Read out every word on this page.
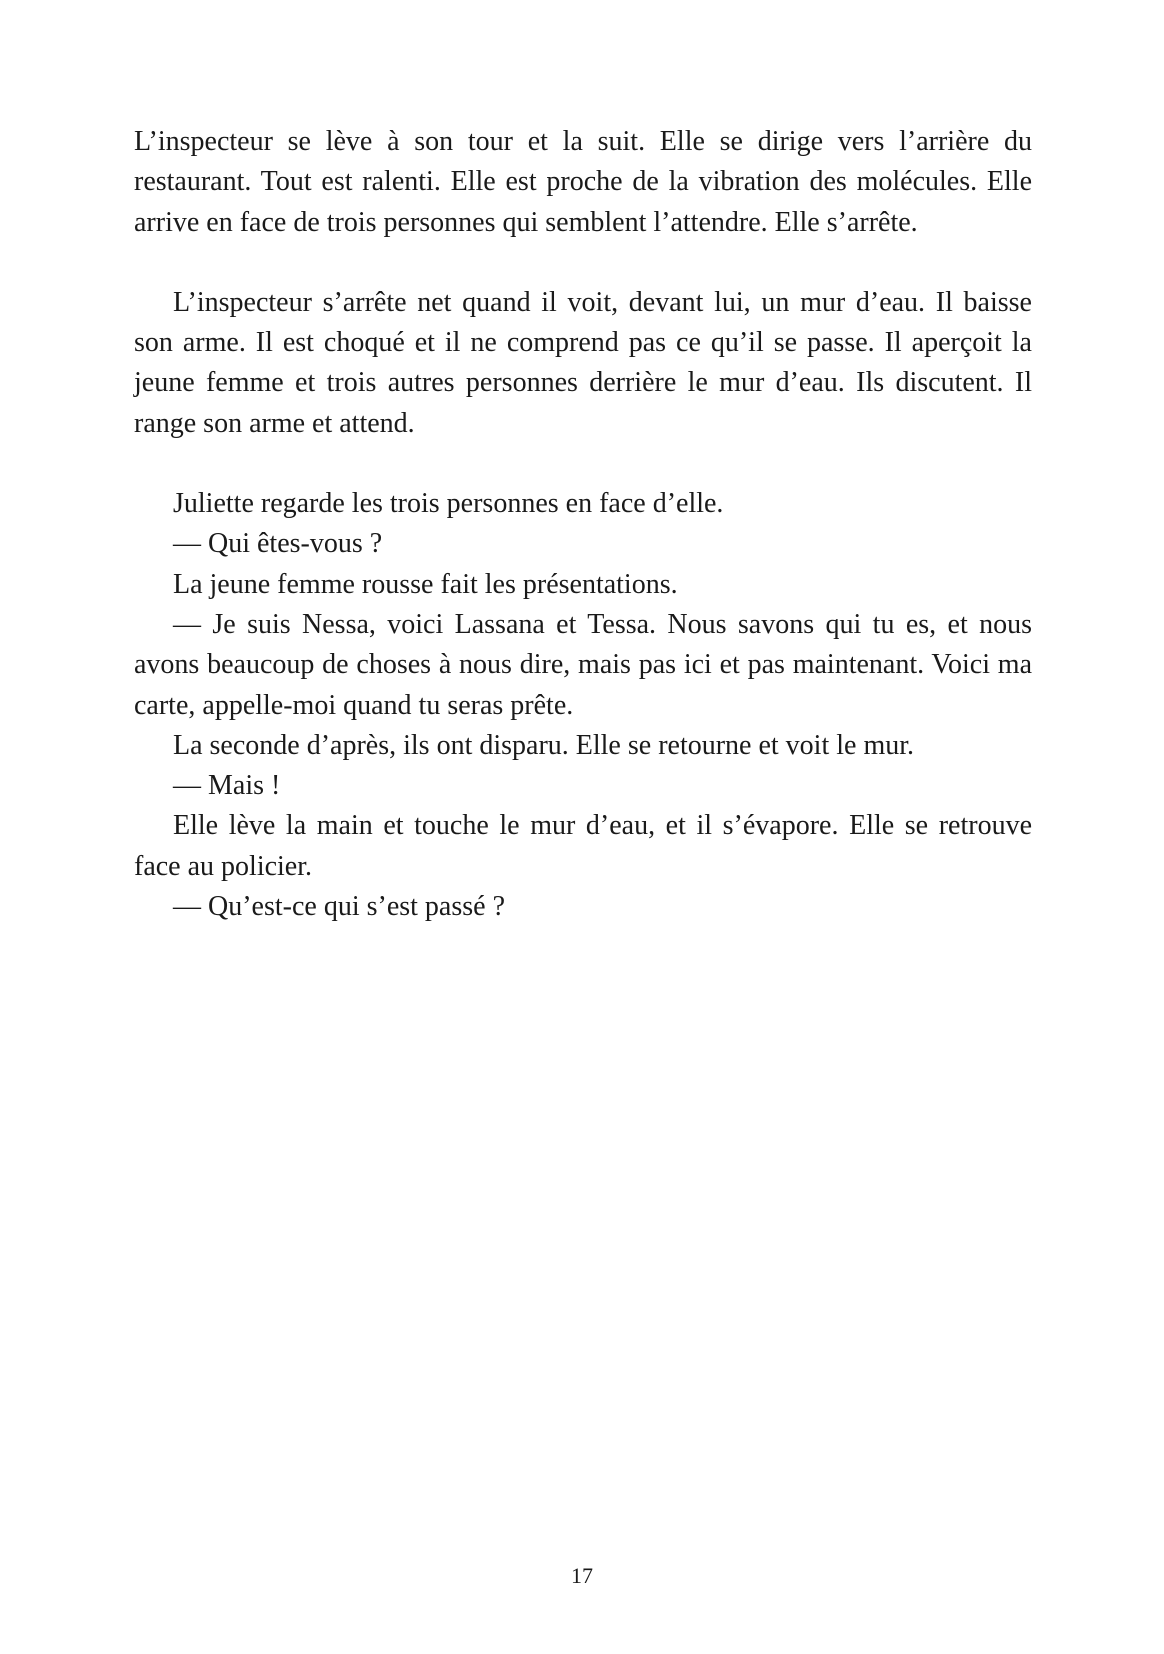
L’inspecteur se lève à son tour et la suit. Elle se dirige vers l’arrière du restaurant. Tout est ralenti. Elle est proche de la vibration des molécules. Elle arrive en face de trois personnes qui semblent l’attendre. Elle s’arrête.

L’inspecteur s’arrête net quand il voit, devant lui, un mur d’eau. Il baisse son arme. Il est choqué et il ne comprend pas ce qu’il se passe. Il aperçoit la jeune femme et trois autres personnes derrière le mur d’eau. Ils discutent. Il range son arme et attend.

Juliette regarde les trois personnes en face d’elle.

— Qui êtes-vous ?

La jeune femme rousse fait les présentations.

— Je suis Nessa, voici Lassana et Tessa. Nous savons qui tu es, et nous avons beaucoup de choses à nous dire, mais pas ici et pas maintenant. Voici ma carte, appelle-moi quand tu seras prête.

La seconde d’après, ils ont disparu. Elle se retourne et voit le mur.

— Mais !

Elle lève la main et touche le mur d’eau, et il s’évapore. Elle se retrouve face au policier.

— Qu’est-ce qui s’est passé ?

17
